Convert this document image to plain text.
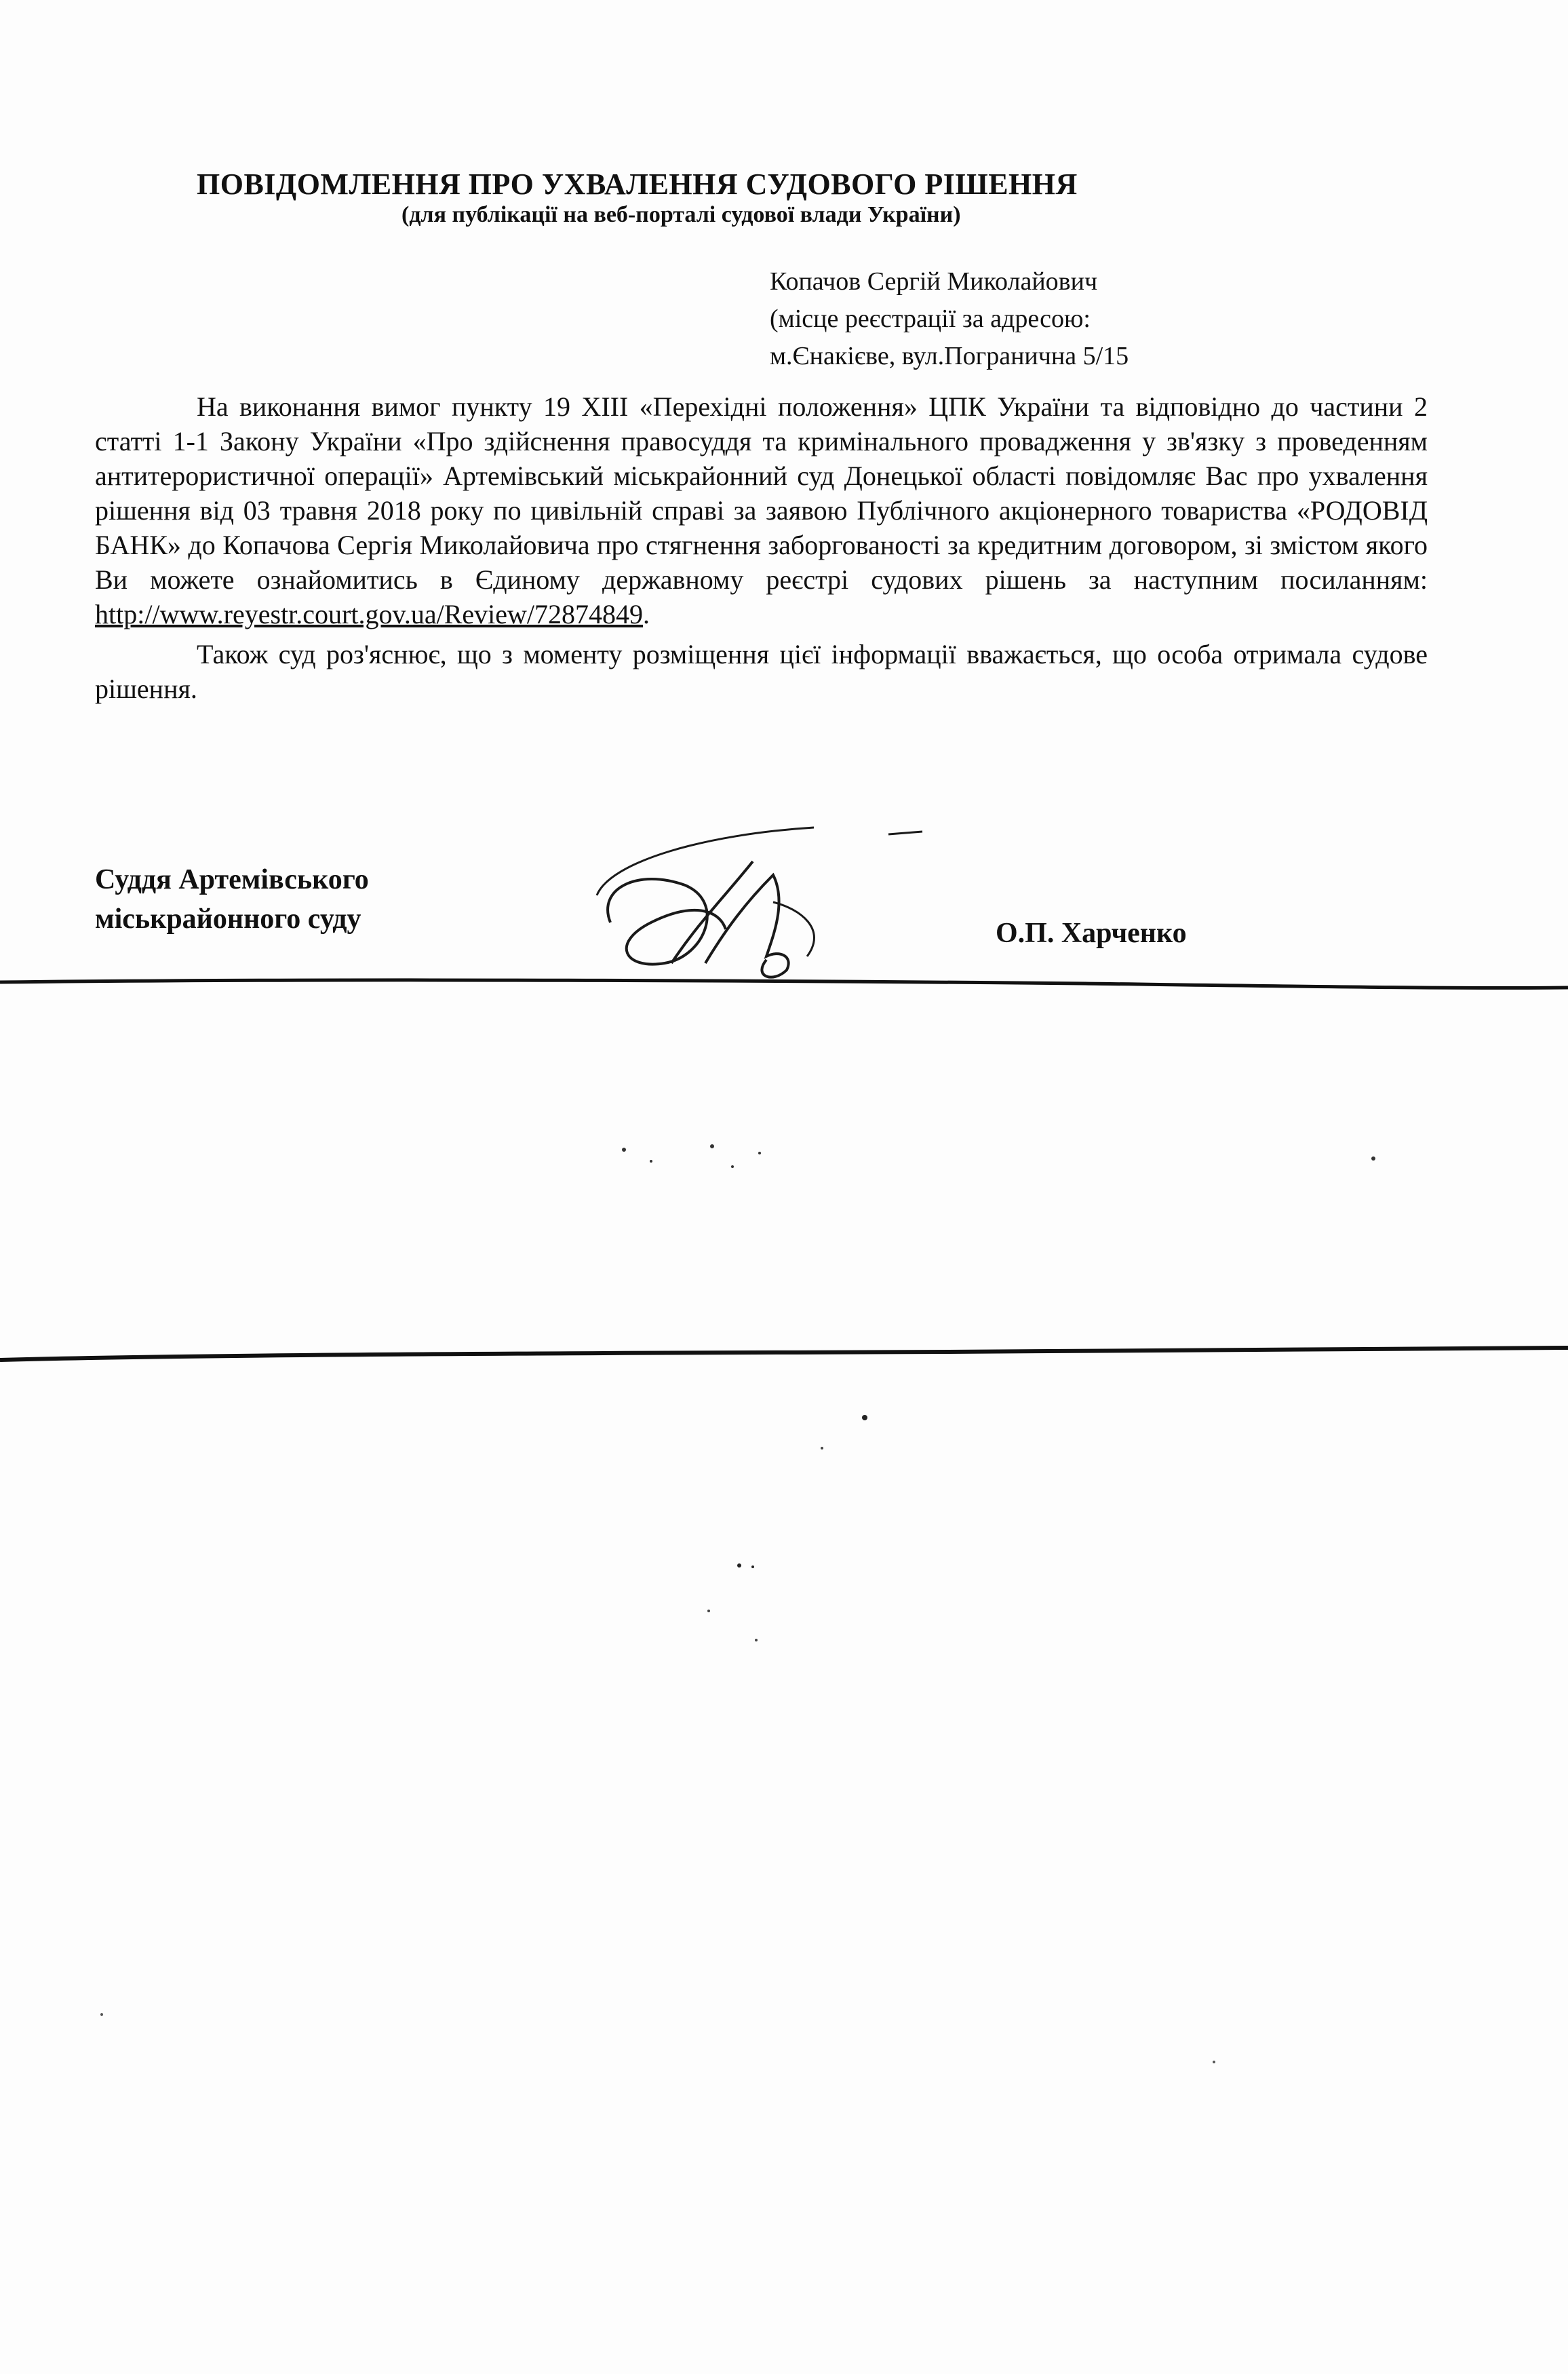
ПОВІДОМЛЕННЯ ПРО УХВАЛЕННЯ СУДОВОГО РІШЕННЯ
(для публікації на веб-порталі судової влади України)
Копачов Сергій Миколайович
(місце реєстрації за адресою:
м.Єнакієве, вул.Погранична 5/15

На виконання вимог пункту 19 ХІІІ «Перехідні положення» ЦПК України та відповідно до частини 2 статті 1-1 Закону України «Про здійснення правосуддя та кримінального провадження у зв'язку з проведенням антитерористичної операції» Артемівський міськрайонний суд Донецької області повідомляє Вас про ухвалення рішення від 03 травня 2018 року по цивільній справі за заявою Публічного акціонерного товариства «РОДОВІД БАНК» до Копачова Сергія Миколайовича про стягнення заборгованості за кредитним договором, зі змістом якого Ви можете ознайомитись в Єдиному державному реєстрі судових рішень за наступним посиланням: http://www.reyestr.court.gov.ua/Review/72874849.

Також суд роз'яснює, що з моменту розміщення цієї інформації вважається, що особа отримала судове рішення.

Суддя Артемівського
міськрайонного суду	О.П. Харченко
